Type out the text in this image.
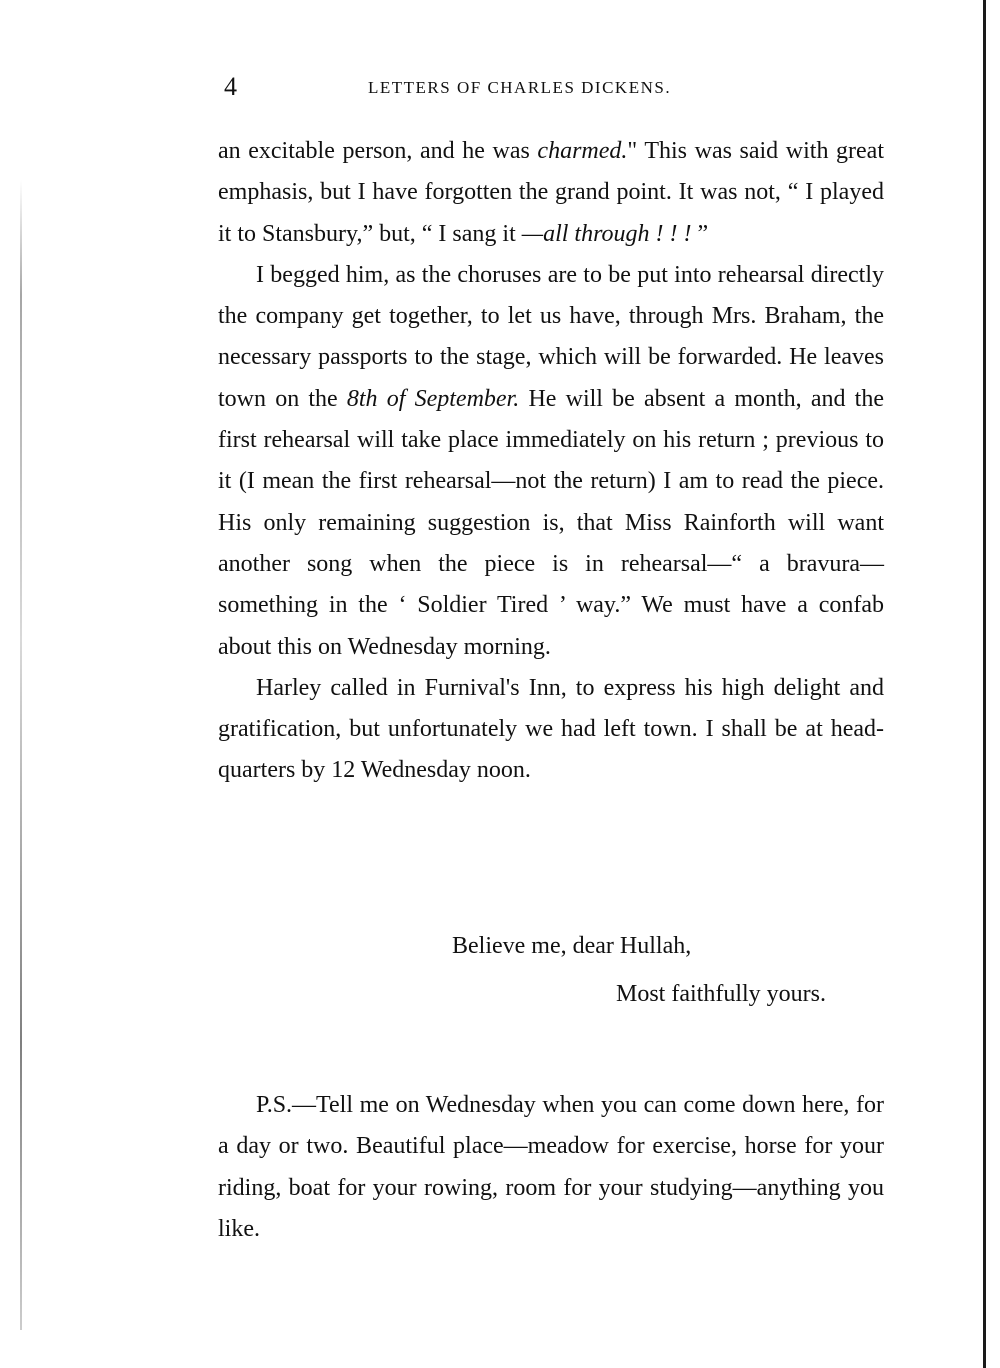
4	LETTERS OF CHARLES DICKENS.

an excitable person, and he was charmed." This was said with great emphasis, but I have forgotten the grand point. It was not, “ I played it to Stansbury,” but, “ I sang it —all through ! ! ! ”

I begged him, as the choruses are to be put into rehearsal directly the company get together, to let us have, through Mrs. Braham, the necessary passports to the stage, which will be forwarded. He leaves town on the 8th of September. He will be absent a month, and the first rehearsal will take place immediately on his return ; previous to it (I mean the first rehearsal—not the return) I am to read the piece. His only remaining suggestion is, that Miss Rainforth will want another song when the piece is in rehearsal—“ a bravura—something in the ‘ Soldier Tired ’ way.” We must have a confab about this on Wednesday morning.

Harley called in Furnival's Inn, to express his high delight and gratification, but unfortunately we had left town. I shall be at head-quarters by 12 Wednesday noon.

Believe me, dear Hullah,
Most faithfully yours.

P.S.—Tell me on Wednesday when you can come down here, for a day or two. Beautiful place—meadow for exercise, horse for your riding, boat for your rowing, room for your studying—anything you like.
